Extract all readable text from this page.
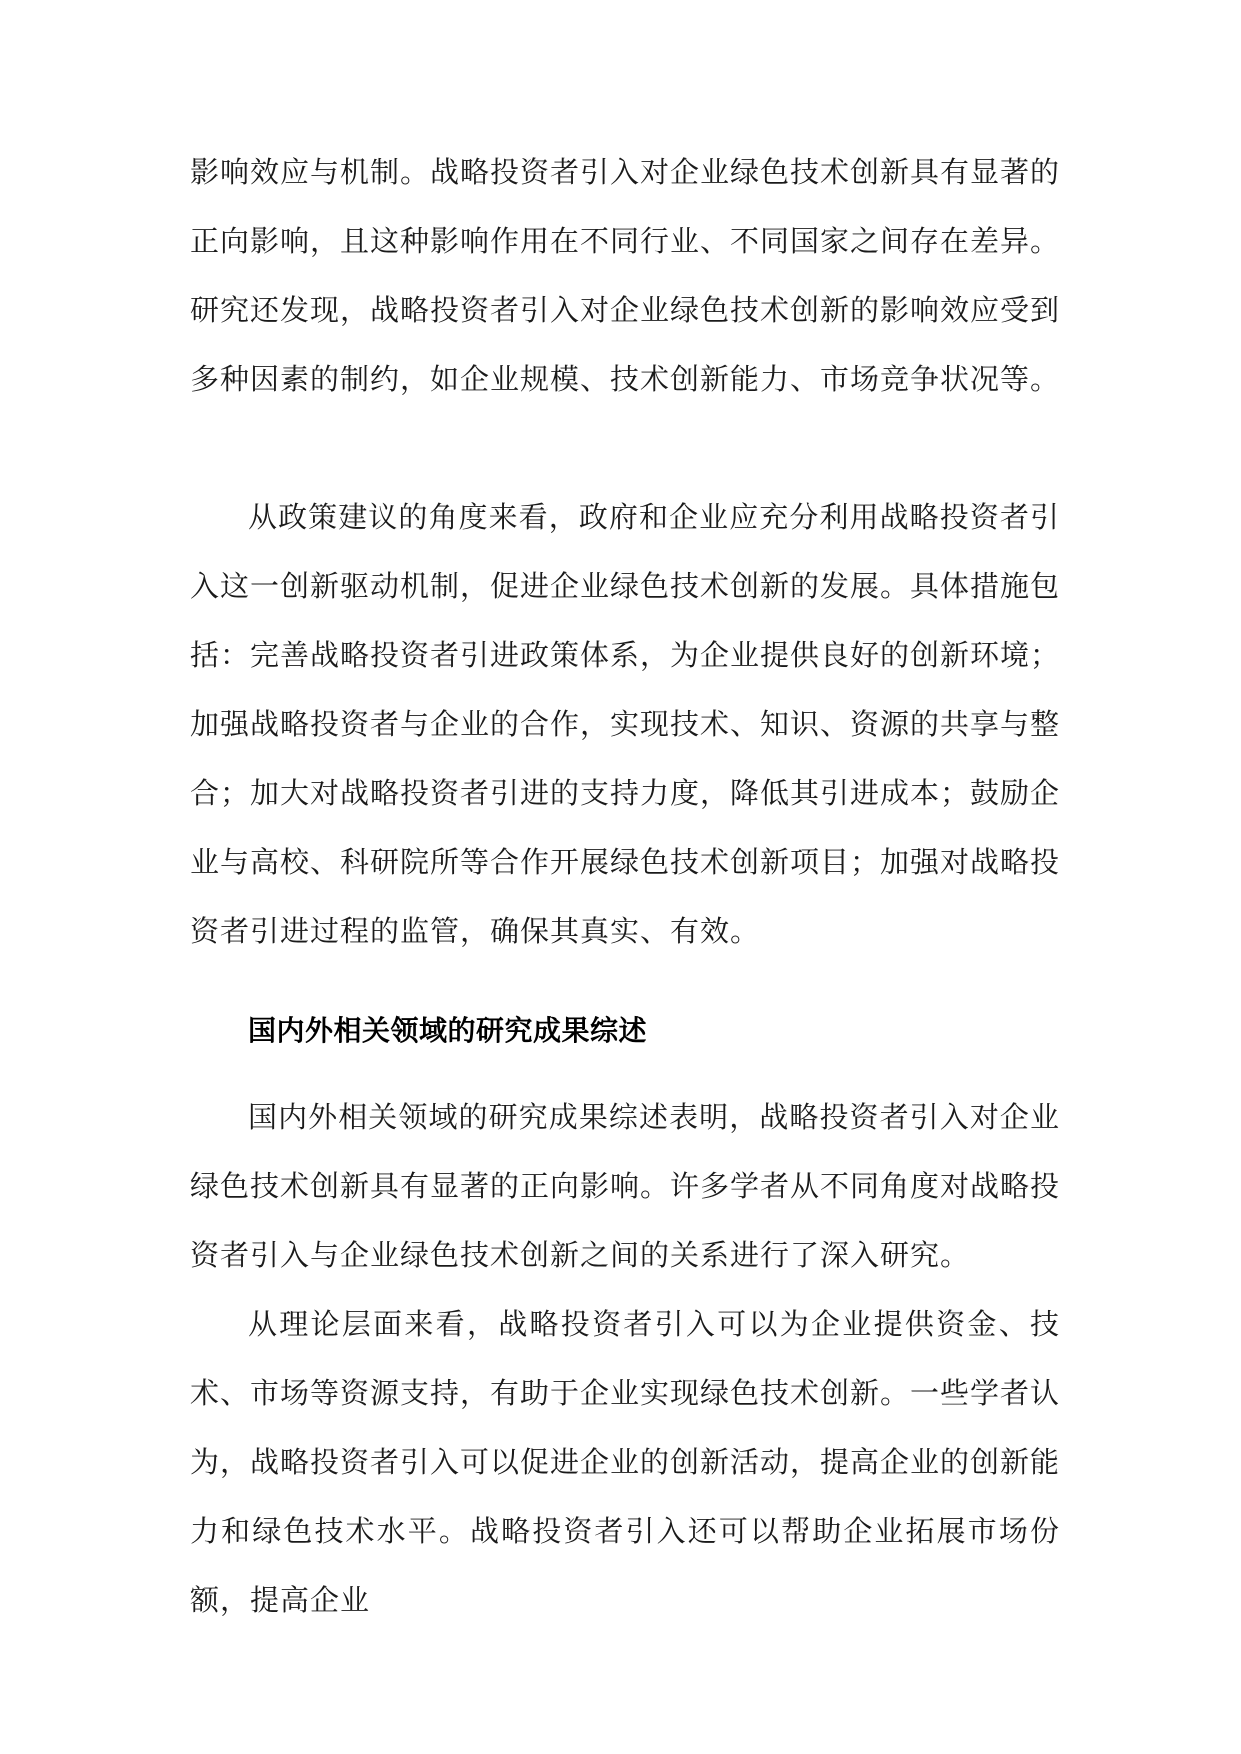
影响效应与机制。战略投资者引入对企业绿色技术创新具有显著的正向影响，且这种影响作用在不同行业、不同国家之间存在差异。研究还发现，战略投资者引入对企业绿色技术创新的影响效应受到多种因素的制约，如企业规模、技术创新能力、市场竞争状况等。

从政策建议的角度来看，政府和企业应充分利用战略投资者引入这一创新驱动机制，促进企业绿色技术创新的发展。具体措施包括：完善战略投资者引进政策体系，为企业提供良好的创新环境；加强战略投资者与企业的合作，实现技术、知识、资源的共享与整合；加大对战略投资者引进的支持力度，降低其引进成本；鼓励企业与高校、科研院所等合作开展绿色技术创新项目；加强对战略投资者引进过程的监管，确保其真实、有效。

国内外相关领域的研究成果综述

国内外相关领域的研究成果综述表明，战略投资者引入对企业绿色技术创新具有显著的正向影响。许多学者从不同角度对战略投资者引入与企业绿色技术创新之间的关系进行了深入研究。

从理论层面来看，战略投资者引入可以为企业提供资金、技术、市场等资源支持，有助于企业实现绿色技术创新。一些学者认为，战略投资者引入可以促进企业的创新活动，提高企业的创新能力和绿色技术水平。战略投资者引入还可以帮助企业拓展市场份额，提高企业
